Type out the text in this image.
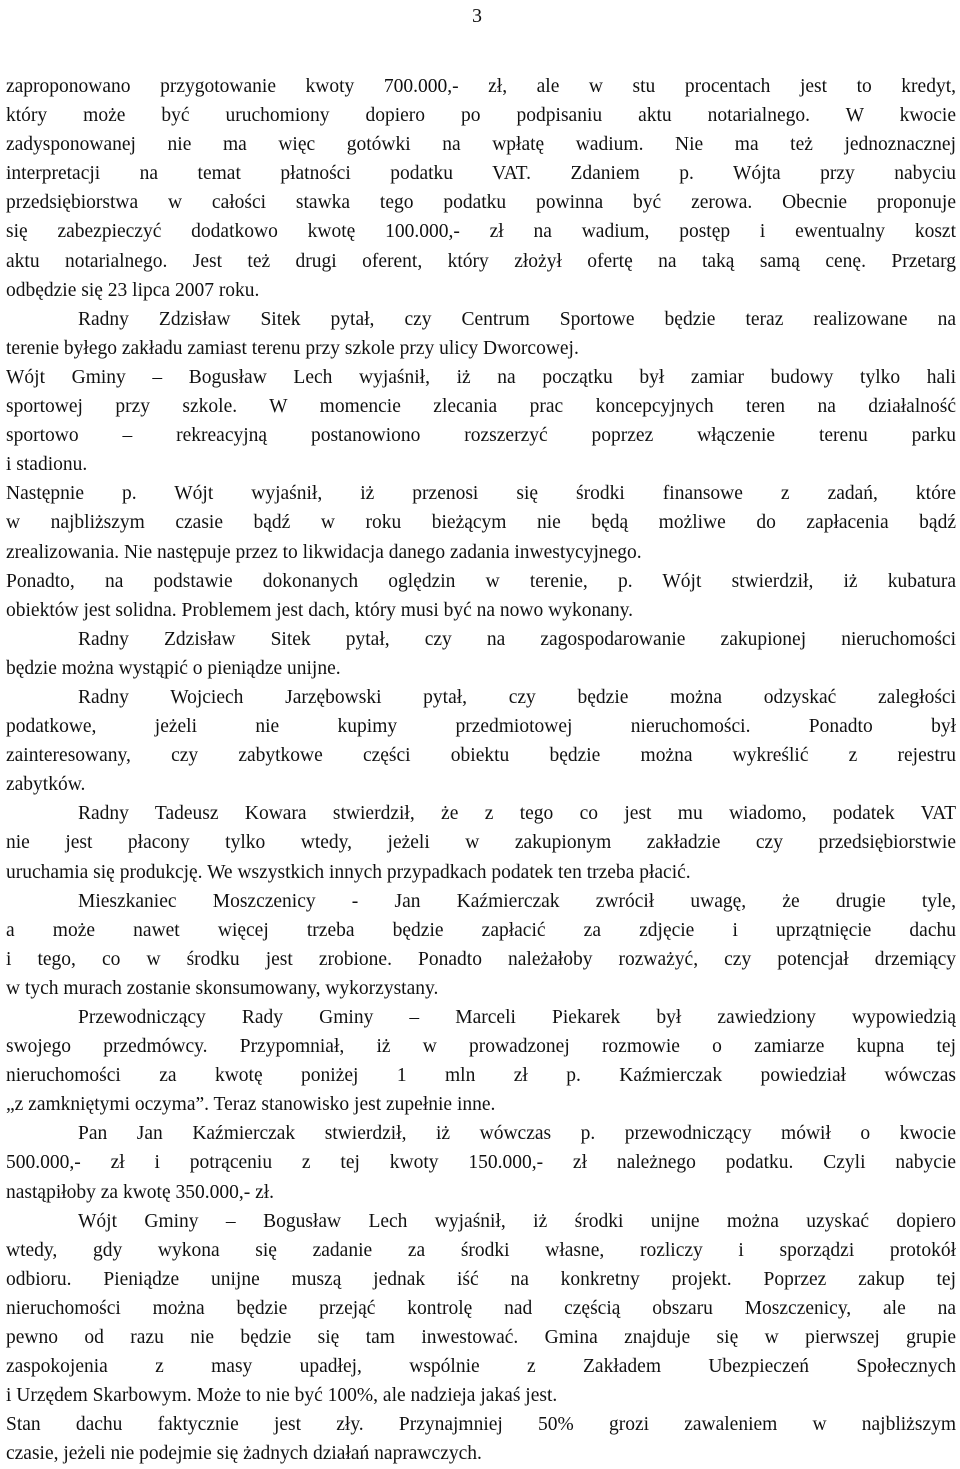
3
zaproponowano przygotowanie kwoty 700.000,- zł, ale w stu procentach jest to kredyt,
który może być uruchomiony dopiero po podpisaniu aktu notarialnego. W kwocie
zadysponowanej nie ma więc gotówki na wpłatę wadium. Nie ma też jednoznacznej
interpretacji na temat płatności podatku VAT. Zdaniem p. Wójta przy nabyciu
przedsiębiorstwa w całości stawka tego podatku powinna być zerowa. Obecnie proponuje
się zabezpieczyć dodatkowo kwotę 100.000,- zł na wadium, postęp i ewentualny koszt
aktu notarialnego. Jest też drugi oferent, który złożył ofertę na taką samą cenę. Przetarg
odbędzie się 23 lipca 2007 roku.
Radny Zdzisław Sitek pytał, czy Centrum Sportowe będzie teraz realizowane na
terenie byłego zakładu zamiast terenu przy szkole przy ulicy Dworcowej.
Wójt Gminy – Bogusław Lech wyjaśnił, iż na początku był zamiar budowy tylko hali
sportowej przy szkole. W momencie zlecania prac koncepcyjnych teren na działalność
sportowo – rekreacyjną postanowiono rozszerzyć poprzez włączenie terenu parku
i stadionu.
Następnie p. Wójt wyjaśnił, iż przenosi się środki finansowe z zadań, które
w najbliższym czasie bądź w roku bieżącym nie będą możliwe do zapłacenia bądź
zrealizowania. Nie następuje przez to likwidacja danego zadania inwestycyjnego.
Ponadto, na podstawie dokonanych oględzin w terenie, p. Wójt stwierdził, iż kubatura
obiektów jest solidna. Problemem jest dach, który musi być na nowo wykonany.
Radny Zdzisław Sitek pytał, czy na zagospodarowanie zakupionej nieruchomości
będzie można wystąpić o pieniądze unijne.
Radny Wojciech Jarzębowski pytał, czy będzie można odzyskać zaległości
podatkowe, jeżeli nie kupimy przedmiotowej nieruchomości. Ponadto był
zainteresowany, czy zabytkowe części obiektu będzie można wykreślić z rejestru
zabytków.
Radny Tadeusz Kowara stwierdził, że z tego co jest mu wiadomo, podatek VAT
nie jest płacony tylko wtedy, jeżeli w zakupionym zakładzie czy przedsiębiorstwie
uruchamia się produkcję. We wszystkich innych przypadkach podatek ten trzeba płacić.
Mieszkaniec Moszczenicy - Jan Kaźmierczak zwrócił uwagę, że drugie tyle,
a może nawet więcej trzeba będzie zapłacić za zdjęcie i uprzątnięcie dachu
i tego, co w środku jest zrobione. Ponadto należałoby rozważyć, czy potencjał drzemiący
w tych murach zostanie skonsumowany, wykorzystany.
Przewodniczący Rady Gminy – Marceli Piekarek był zawiedziony wypowiedzią
swojego przedmówcy. Przypomniał, iż w prowadzonej rozmowie o zamiarze kupna tej
nieruchomości za kwotę poniżej 1 mln zł p. Kaźmierczak powiedział wówczas
„z zamkniętymi oczyma”. Teraz stanowisko jest zupełnie inne.
Pan Jan Kaźmierczak stwierdził, iż wówczas p. przewodniczący mówił o kwocie
500.000,- zł i potrąceniu z tej kwoty 150.000,- zł należnego podatku. Czyli nabycie
nastąpiłoby za kwotę 350.000,- zł.
Wójt Gminy – Bogusław Lech wyjaśnił, iż środki unijne można uzyskać dopiero
wtedy, gdy wykona się zadanie za środki własne, rozliczy i sporządzi protokół
odbioru. Pieniądze unijne muszą jednak iść na konkretny projekt. Poprzez zakup tej
nieruchomości można będzie przejąć kontrolę nad częścią obszaru Moszczenicy, ale na
pewno od razu nie będzie się tam inwestować. Gmina znajduje się w pierwszej grupie
zaspokojenia z masy upadłej, wspólnie z Zakładem Ubezpieczeń Społecznych
i Urzędem Skarbowym. Może to nie być 100%, ale nadzieja jakaś jest.
Stan dachu faktycznie jest zły. Przynajmniej 50% grozi zawaleniem w najbliższym
czasie, jeżeli nie podejmie się żadnych działań naprawczych.
